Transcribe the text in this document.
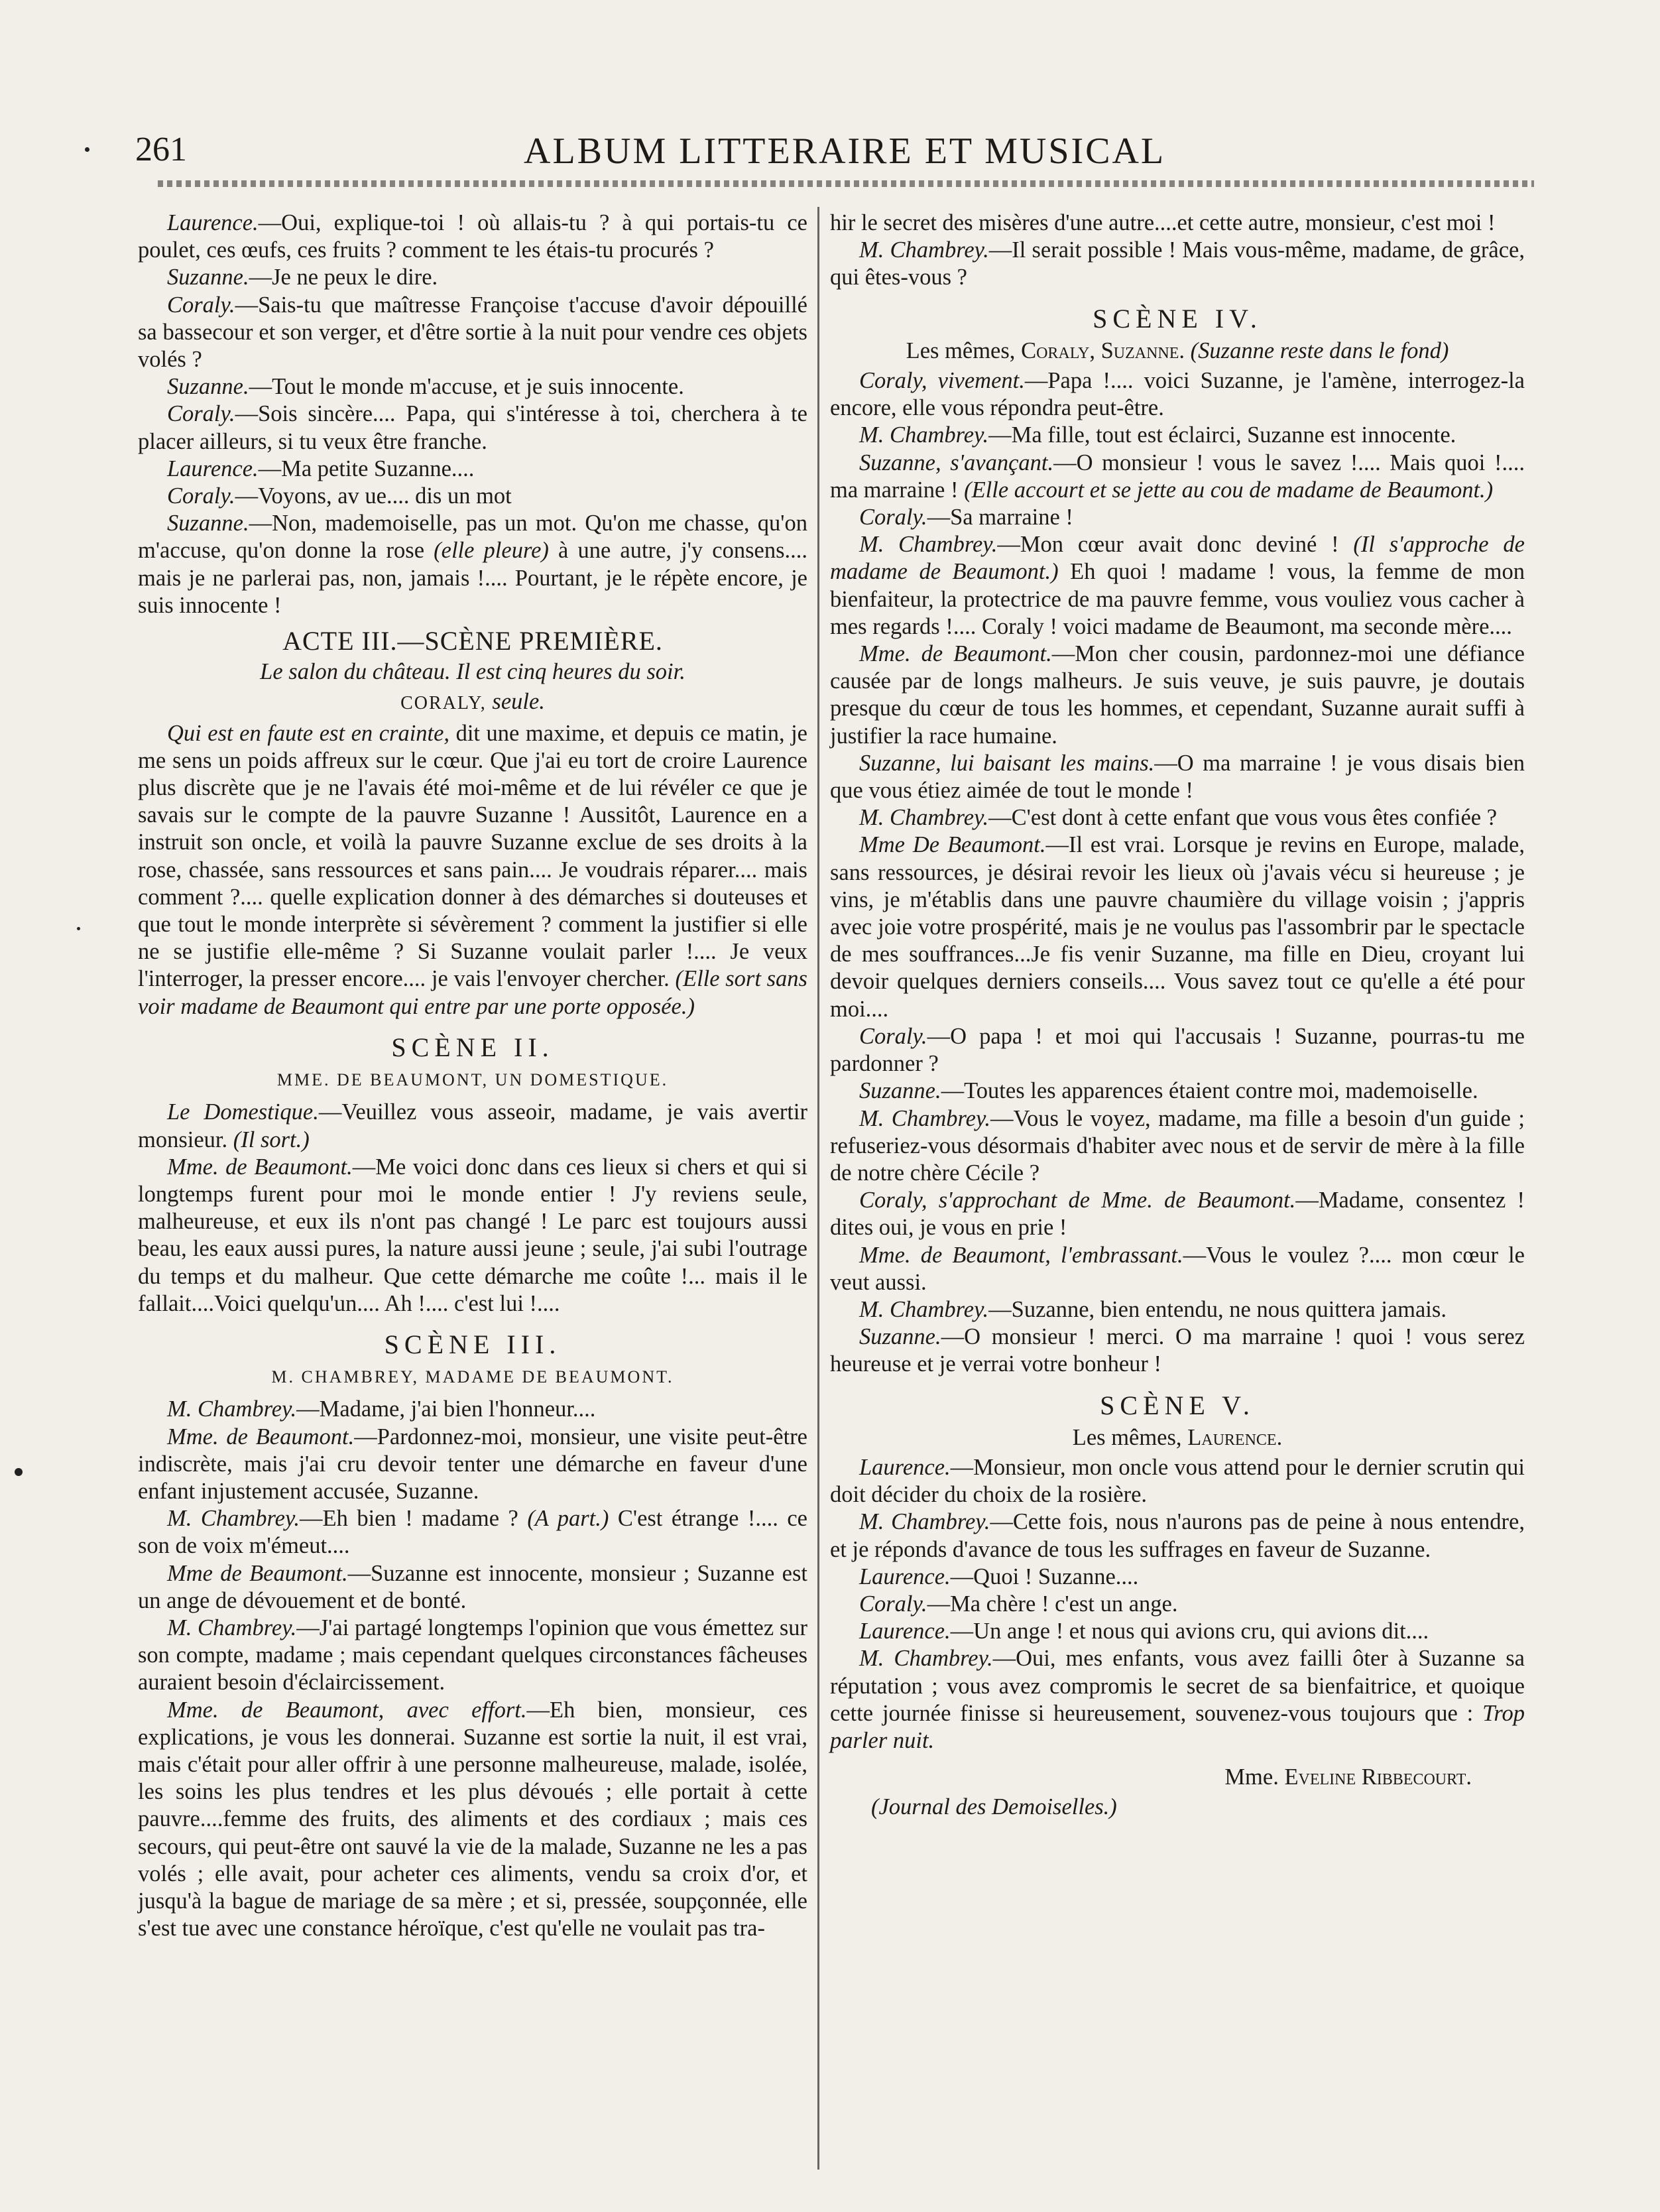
261	ALBUM LITTERAIRE ET MUSICAL

Laurence.—Oui, explique-toi ! où allais-tu ? à qui portais-tu ce poulet, ces œufs, ces fruits ? comment te les étais-tu procurés ?

Suzanne.—Je ne peux le dire.

Coraly.—Sais-tu que maîtresse Françoise t'accuse d'avoir dépouillé sa bassecour et son verger, et d'être sortie à la nuit pour vendre ces objets volés ?

Suzanne.—Tout le monde m'accuse, et je suis innocente.

Coraly.—Sois sincère.... Papa, qui s'intéresse à toi, cherchera à te placer ailleurs, si tu veux être franche.

Laurence.—Ma petite Suzanne....

Coraly.—Voyons, av ue.... dis un mot

Suzanne.—Non, mademoiselle, pas un mot. Qu'on me chasse, qu'on m'accuse, qu'on donne la rose (elle pleure) à une autre, j'y consens.... mais je ne parlerai pas, non, jamais !.... Pourtant, je le répète encore, je suis innocente !

ACTE III.—SCÈNE PREMIÈRE.
Le salon du château. Il est cinq heures du soir.
CORALY, seule.

Qui est en faute est en crainte, dit une maxime, et depuis ce matin, je me sens un poids affreux sur le cœur. Que j'ai eu tort de croire Laurence plus discrète que je ne l'avais été moi-même et de lui révéler ce que je savais sur le compte de la pauvre Suzanne ! Aussitôt, Laurence en a instruit son oncle, et voilà la pauvre Suzanne exclue de ses droits à la rose, chassée, sans ressources et sans pain.... Je voudrais réparer.... mais comment ?.... quelle explication donner à des démarches si douteuses et que tout le monde interprète si sévèrement ? comment la justifier si elle ne se justifie elle-même ? Si Suzanne voulait parler !.... Je veux l'interroger, la presser encore.... je vais l'envoyer chercher. (Elle sort sans voir madame de Beaumont qui entre par une porte opposée.)

SCÈNE II.
MME. DE BEAUMONT, UN DOMESTIQUE.

Le Domestique.—Veuillez vous asseoir, madame, je vais avertir monsieur. (Il sort.)

Mme. de Beaumont.—Me voici donc dans ces lieux si chers et qui si longtemps furent pour moi le monde entier ! J'y reviens seule, malheureuse, et eux ils n'ont pas changé ! Le parc est toujours aussi beau, les eaux aussi pures, la nature aussi jeune ; seule, j'ai subi l'outrage du temps et du malheur. Que cette démarche me coûte !... mais il le fallait....Voici quelqu'un.... Ah !.... c'est lui !....

SCÈNE III.
M. CHAMBREY, MADAME DE BEAUMONT.

M. Chambrey.—Madame, j'ai bien l'honneur....

Mme. de Beaumont.—Pardonnez-moi, monsieur, une visite peut-être indiscrète, mais j'ai cru devoir tenter une démarche en faveur d'une enfant injustement accusée, Suzanne.

M. Chambrey.—Eh bien ! madame ? (A part.) C'est étrange !.... ce son de voix m'émeut....

Mme de Beaumont.—Suzanne est innocente, monsieur ; Suzanne est un ange de dévouement et de bonté.

M. Chambrey.—J'ai partagé longtemps l'opinion que vous émettez sur son compte, madame ; mais cependant quelques circonstances fâcheuses auraient besoin d'éclaircissement.

Mme. de Beaumont, avec effort.—Eh bien, monsieur, ces explications, je vous les donnerai. Suzanne est sortie la nuit, il est vrai, mais c'était pour aller offrir à une personne malheureuse, malade, isolée, les soins les plus tendres et les plus dévoués ; elle portait à cette pauvre....femme des fruits, des aliments et des cordiaux ; mais ces secours, qui peut-être ont sauvé la vie de la malade, Suzanne ne les a pas volés ; elle avait, pour acheter ces aliments, vendu sa croix d'or, et jusqu'à la bague de mariage de sa mère ; et si, pressée, soupçonnée, elle s'est tue avec une constance héroïque, c'est qu'elle ne voulait pas tra-

hir le secret des misères d'une autre....et cette autre, monsieur, c'est moi !

M. Chambrey.—Il serait possible ! Mais vous-même, madame, de grâce, qui êtes-vous ?

SCÈNE IV.
Les mêmes, Coraly, Suzanne. (Suzanne reste dans le fond)

Coraly, vivement.—Papa !.... voici Suzanne, je l'amène, interrogez-la encore, elle vous répondra peut-être.

M. Chambrey.—Ma fille, tout est éclairci, Suzanne est innocente.

Suzanne, s'avançant.—O monsieur ! vous le savez !.... Mais quoi !.... ma marraine ! (Elle accourt et se jette au cou de madame de Beaumont.)

Coraly.—Sa marraine !

M. Chambrey.—Mon cœur avait donc deviné ! (Il s'approche de madame de Beaumont.) Eh quoi ! madame ! vous, la femme de mon bienfaiteur, la protectrice de ma pauvre femme, vous vouliez vous cacher à mes regards !.... Coraly ! voici madame de Beaumont, ma seconde mère....

Mme. de Beaumont.—Mon cher cousin, pardonnez-moi une défiance causée par de longs malheurs. Je suis veuve, je suis pauvre, je doutais presque du cœur de tous les hommes, et cependant, Suzanne aurait suffi à justifier la race humaine.

Suzanne, lui baisant les mains.—O ma marraine ! je vous disais bien que vous étiez aimée de tout le monde !

M. Chambrey.—C'est dont à cette enfant que vous vous êtes confiée ?

Mme De Beaumont.—Il est vrai. Lorsque je revins en Europe, malade, sans ressources, je désirai revoir les lieux où j'avais vécu si heureuse ; je vins, je m'établis dans une pauvre chaumière du village voisin ; j'appris avec joie votre prospérité, mais je ne voulus pas l'assombrir par le spectacle de mes souffrances...Je fis venir Suzanne, ma fille en Dieu, croyant lui devoir quelques derniers conseils.... Vous savez tout ce qu'elle a été pour moi....

Coraly.—O papa ! et moi qui l'accusais ! Suzanne, pourras-tu me pardonner ?

Suzanne.—Toutes les apparences étaient contre moi, mademoiselle.

M. Chambrey.—Vous le voyez, madame, ma fille a besoin d'un guide ; refuseriez-vous désormais d'habiter avec nous et de servir de mère à la fille de notre chère Cécile ?

Coraly, s'approchant de Mme. de Beaumont.—Madame, consentez ! dites oui, je vous en prie !

Mme. de Beaumont, l'embrassant.—Vous le voulez ?.... mon cœur le veut aussi.

M. Chambrey.—Suzanne, bien entendu, ne nous quittera jamais.

Suzanne.—O monsieur ! merci. O ma marraine ! quoi ! vous serez heureuse et je verrai votre bonheur !

SCÈNE V.
Les mêmes, Laurence.

Laurence.—Monsieur, mon oncle vous attend pour le dernier scrutin qui doit décider du choix de la rosière.

M. Chambrey.—Cette fois, nous n'aurons pas de peine à nous entendre, et je réponds d'avance de tous les suffrages en faveur de Suzanne.

Laurence.—Quoi ! Suzanne....

Coraly.—Ma chère ! c'est un ange.

Laurence.—Un ange ! et nous qui avions cru, qui avions dit....

M. Chambrey.—Oui, mes enfants, vous avez failli ôter à Suzanne sa réputation ; vous avez compromis le secret de sa bienfaitrice, et quoique cette journée finisse si heureusement, souvenez-vous toujours que : Trop parler nuit.

Mme. Eveline Ribbecourt.
(Journal des Demoiselles.)
